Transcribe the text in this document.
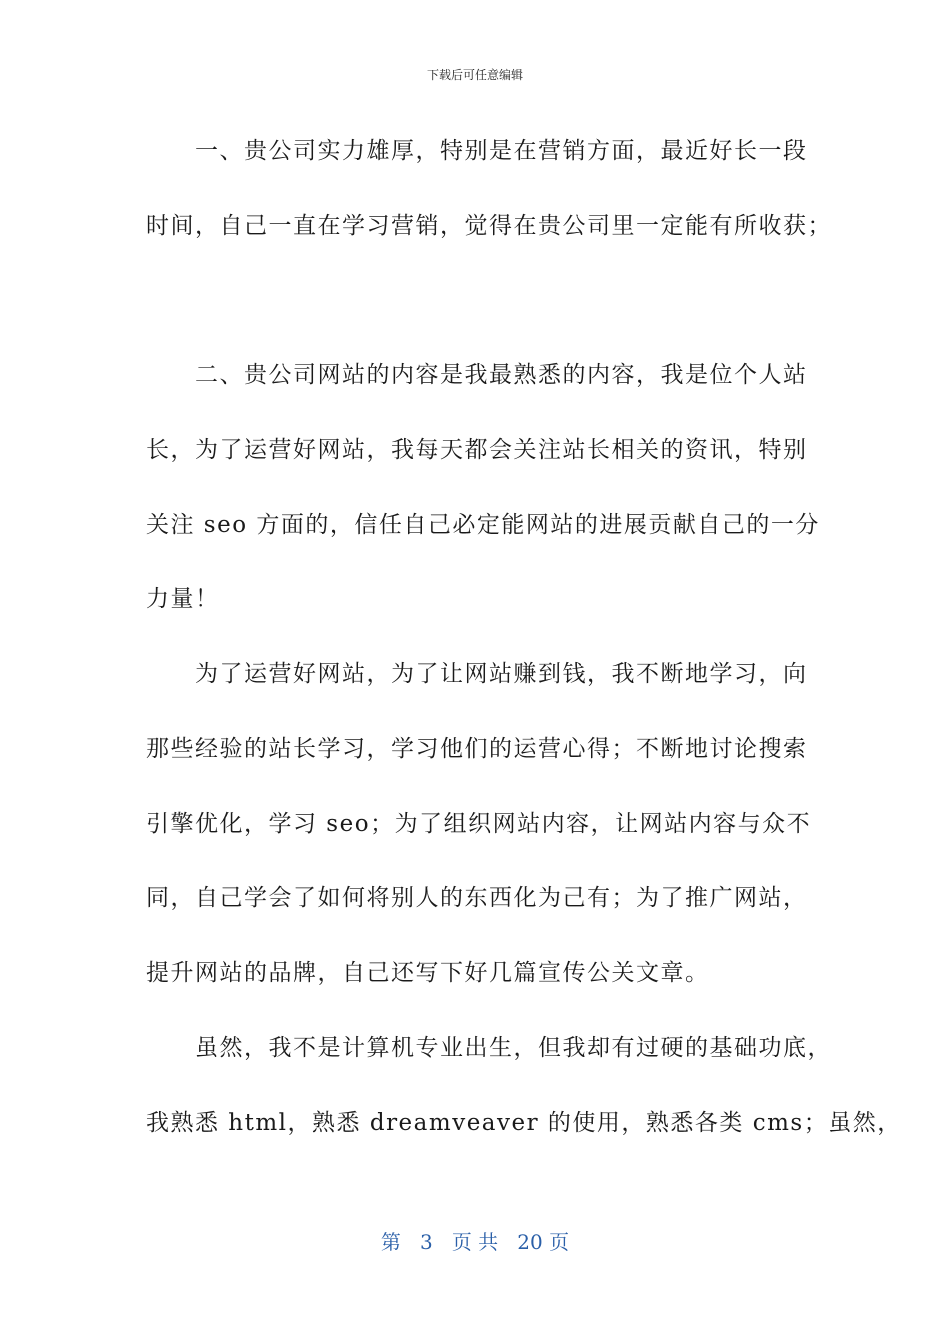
下载后可任意编辑
　　一、贵公司实力雄厚，特别是在营销方面，最近好长一段
时间，自己一直在学习营销，觉得在贵公司里一定能有所收获；
　　二、贵公司网站的内容是我最熟悉的内容，我是位个人站
长，为了运营好网站，我每天都会关注站长相关的资讯，特别
关注 seo 方面的，信任自己必定能网站的进展贡献自己的一分
力量！
　　为了运营好网站，为了让网站赚到钱，我不断地学习，向
那些经验的站长学习，学习他们的运营心得；不断地讨论搜索
引擎优化，学习 seo；为了组织网站内容，让网站内容与众不
同，自己学会了如何将别人的东西化为己有；为了推广网站，
提升网站的品牌，自己还写下好几篇宣传公关文章。
　　虽然，我不是计算机专业出生，但我却有过硬的基础功底，
我熟悉 html，熟悉 dreamveaver 的使用，熟悉各类 cms；虽然，
第 3 页 共 20 页
